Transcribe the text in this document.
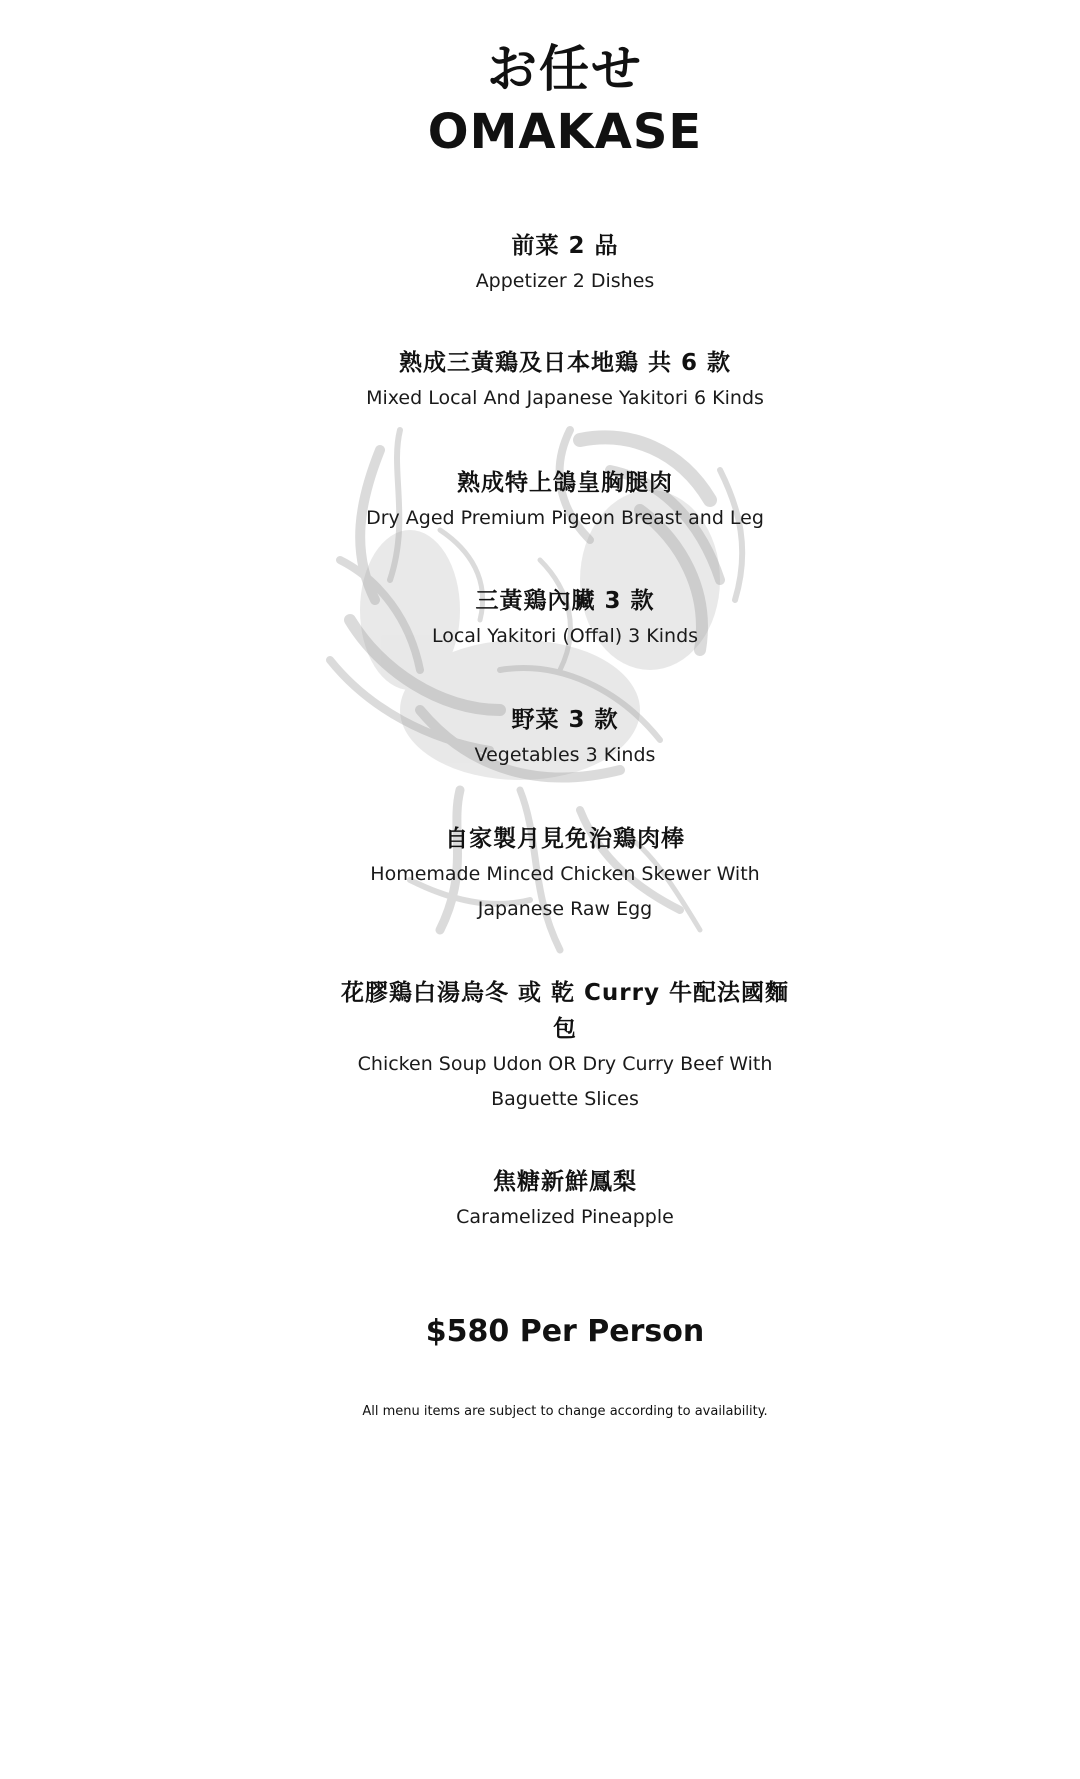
お任せ
OMAKASE
前菜 2 品
Appetizer 2 Dishes
熟成三黃鶏及日本地鶏 共 6 款
Mixed Local And Japanese Yakitori 6 Kinds
熟成特上鴿皇胸腿肉
Dry Aged Premium Pigeon Breast and Leg
三黃鶏內臟 3 款
Local Yakitori (Offal) 3 Kinds
野菜 3 款
Vegetables 3 Kinds
自家製月見免治鶏肉棒
Homemade Minced Chicken Skewer With Japanese Raw Egg
花膠鶏白湯烏冬 或 乾 Curry 牛配法國麵包
Chicken Soup Udon OR Dry Curry Beef With Baguette Slices
焦糖新鮮鳳梨
Caramelized Pineapple
$580 Per Person
All menu items are subject to change according to availability.
